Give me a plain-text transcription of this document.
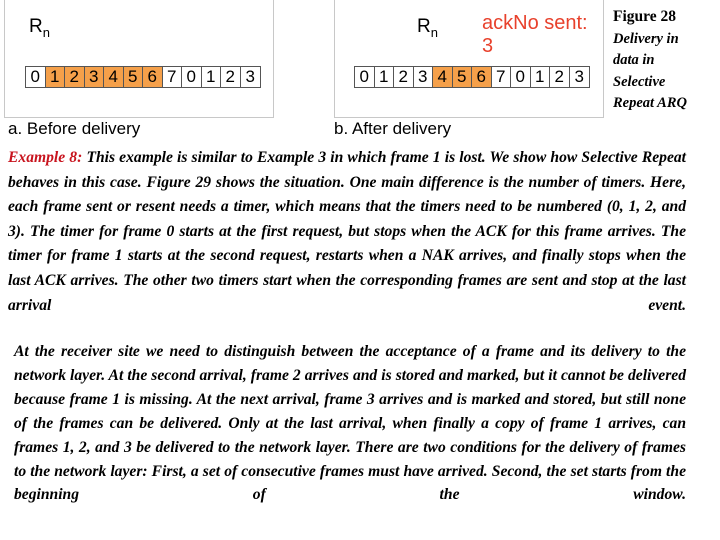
$R_n$
0 1 2 3 4 5 6 7 0 1 2 3
$R_n$ ackNo sent: 3
0 1 2 3 4 5 6 7 0 1 2 3
a. Before delivery	b. After delivery
Figure 28
Delivery in
data in
Selective
Repeat ARQ

Example 8: This example is similar to Example 3 in which frame 1 is lost. We show how Selective Repeat behaves in this case. Figure 29 shows the situation. One main difference is the number of timers. Here, each frame sent or resent needs a timer, which means that the timers need to be numbered (0, 1, 2, and 3). The timer for frame 0 starts at the first request, but stops when the ACK for this frame arrives. The timer for frame 1 starts at the second request, restarts when a NAK arrives, and finally stops when the last ACK arrives. The other two timers start when the corresponding frames are sent and stop at the last arrival event.

At the receiver site we need to distinguish between the acceptance of a frame and its delivery to the network layer. At the second arrival, frame 2 arrives and is stored and marked, but it cannot be delivered because frame 1 is missing. At the next arrival, frame 3 arrives and is marked and stored, but still none of the frames can be delivered. Only at the last arrival, when finally a copy of frame 1 arrives, can frames 1, 2, and 3 be delivered to the network layer. There are two conditions for the delivery of frames to the network layer: First, a set of consecutive frames must have arrived. Second, the set starts from the beginning of the window.
